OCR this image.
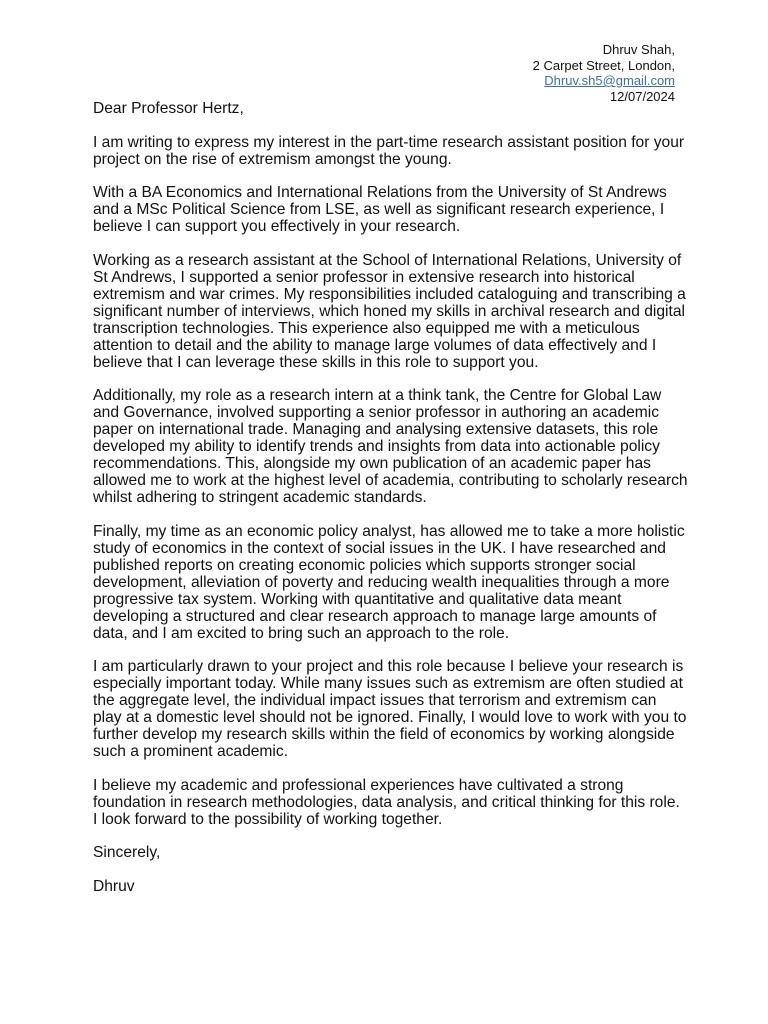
Dhruv Shah,
2 Carpet Street, London,
Dhruv.sh5@gmail.com
12/07/2024

Dear Professor Hertz,

I am writing to express my interest in the part-time research assistant position for your project on the rise of extremism amongst the young.

With a BA Economics and International Relations from the University of St Andrews and a MSc Political Science from LSE, as well as significant research experience, I believe I can support you effectively in your research.

Working as a research assistant at the School of International Relations, University of St Andrews, I supported a senior professor in extensive research into historical extremism and war crimes. My responsibilities included cataloguing and transcribing a significant number of interviews, which honed my skills in archival research and digital transcription technologies. This experience also equipped me with a meticulous attention to detail and the ability to manage large volumes of data effectively and I believe that I can leverage these skills in this role to support you.

Additionally, my role as a research intern at a think tank, the Centre for Global Law and Governance, involved supporting a senior professor in authoring an academic paper on international trade. Managing and analysing extensive datasets, this role developed my ability to identify trends and insights from data into actionable policy recommendations. This, alongside my own publication of an academic paper has allowed me to work at the highest level of academia, contributing to scholarly research whilst adhering to stringent academic standards.

Finally, my time as an economic policy analyst, has allowed me to take a more holistic study of economics in the context of social issues in the UK. I have researched and published reports on creating economic policies which supports stronger social development, alleviation of poverty and reducing wealth inequalities through a more progressive tax system. Working with quantitative and qualitative data meant developing a structured and clear research approach to manage large amounts of data, and I am excited to bring such an approach to the role.

I am particularly drawn to your project and this role because I believe your research is especially important today. While many issues such as extremism are often studied at the aggregate level, the individual impact issues that terrorism and extremism can play at a domestic level should not be ignored. Finally, I would love to work with you to further develop my research skills within the field of economics by working alongside such a prominent academic.

I believe my academic and professional experiences have cultivated a strong foundation in research methodologies, data analysis, and critical thinking for this role. I look forward to the possibility of working together.

Sincerely,

Dhruv
